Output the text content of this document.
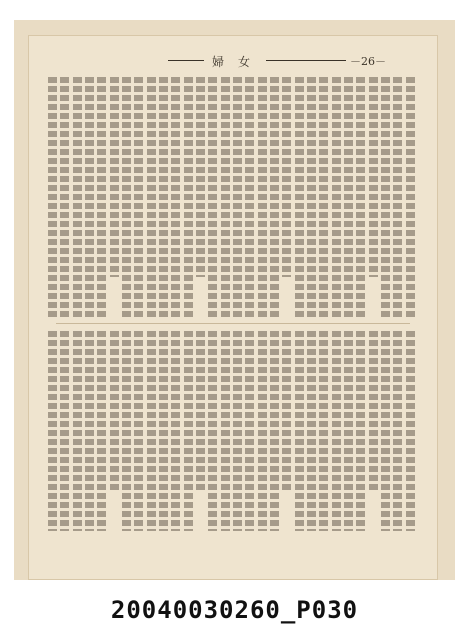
婦女	－26－
20040030260_P030
